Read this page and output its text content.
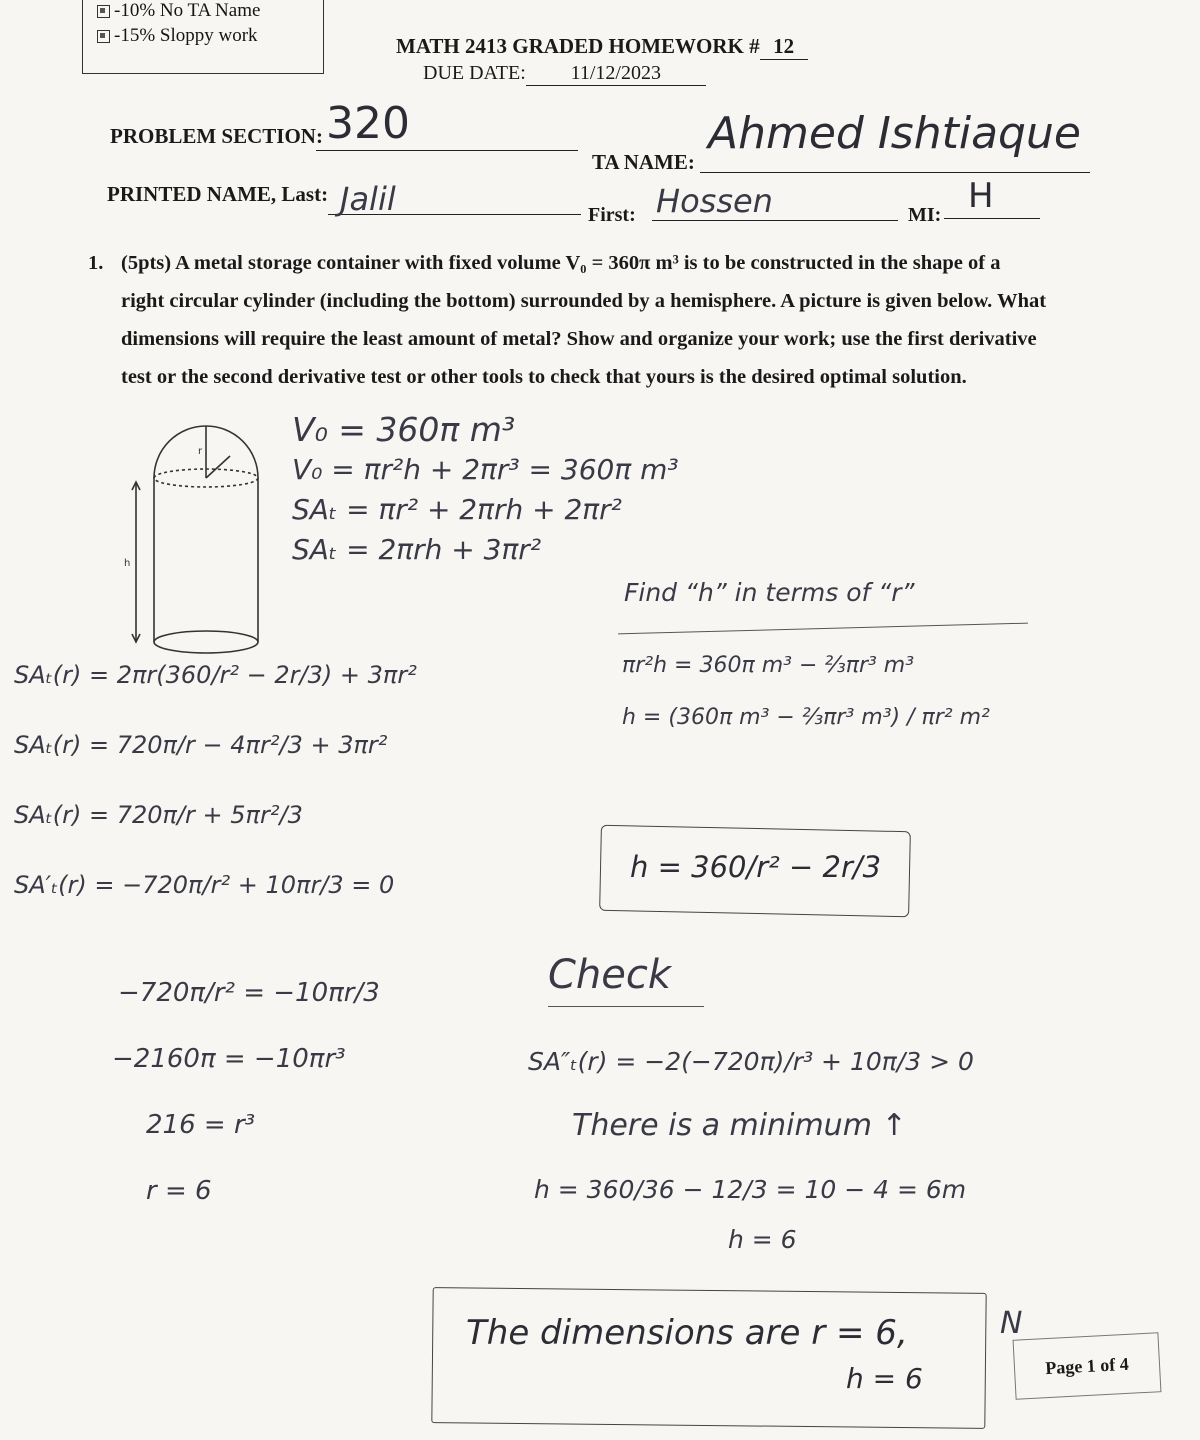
-10% No TA Name
-15% Sloppy work	MATH 2413 GRADED HOMEWORK # 12
DUE DATE: 11/12/2023
PROBLEM SECTION: 320
TA NAME:
Ahmed Ishtiaque
PRINTED NAME, Last: Jalil	First: Hossen	MI: H
1. (5pts) A metal storage container with fixed volume V₀ = 360π m³ is to be constructed in the shape of a
right circular cylinder (including the bottom) surrounded by a hemisphere. A picture is given below. What
dimensions will require the least amount of metal? Show and organize your work; use the first derivative
test or the second derivative test or other tools to check that yours is the desired optimal solution.
r
h
V₀ = 360π m³
V₀ = πr²h + 2πr³ = 360π m³
SAₜ = πr² + 2πrh + 2πr²
SAₜ = 2πrh + 3πr²
Find “h” in terms of “r”
πr²h = 360π m³ − ⅔πr³ m³
h = (360π m³ − ⅔πr³ m³) / πr² m²
h = 360/r² − 2r/3
SAₜ(r) = 2πr(360/r² − 2r/3) + 3πr²
SAₜ(r) = 720π/r − 4πr²/3 + 3πr²
SAₜ(r) = 720π/r + 5πr²/3
SA′ₜ(r) = −720π/r² + 10πr/3 = 0
−720π/r² = −10πr/3
−2160π = −10πr³
216 = r³
r = 6
Check
SA″ₜ(r) = −2(−720π)/r³ + 10π/3 > 0
There is a minimum ↑
h = 360/36 − 12/3 = 10 − 4 = 6m
h = 6
The dimensions are r = 6,
h = 6
N
Page 1 of 4
